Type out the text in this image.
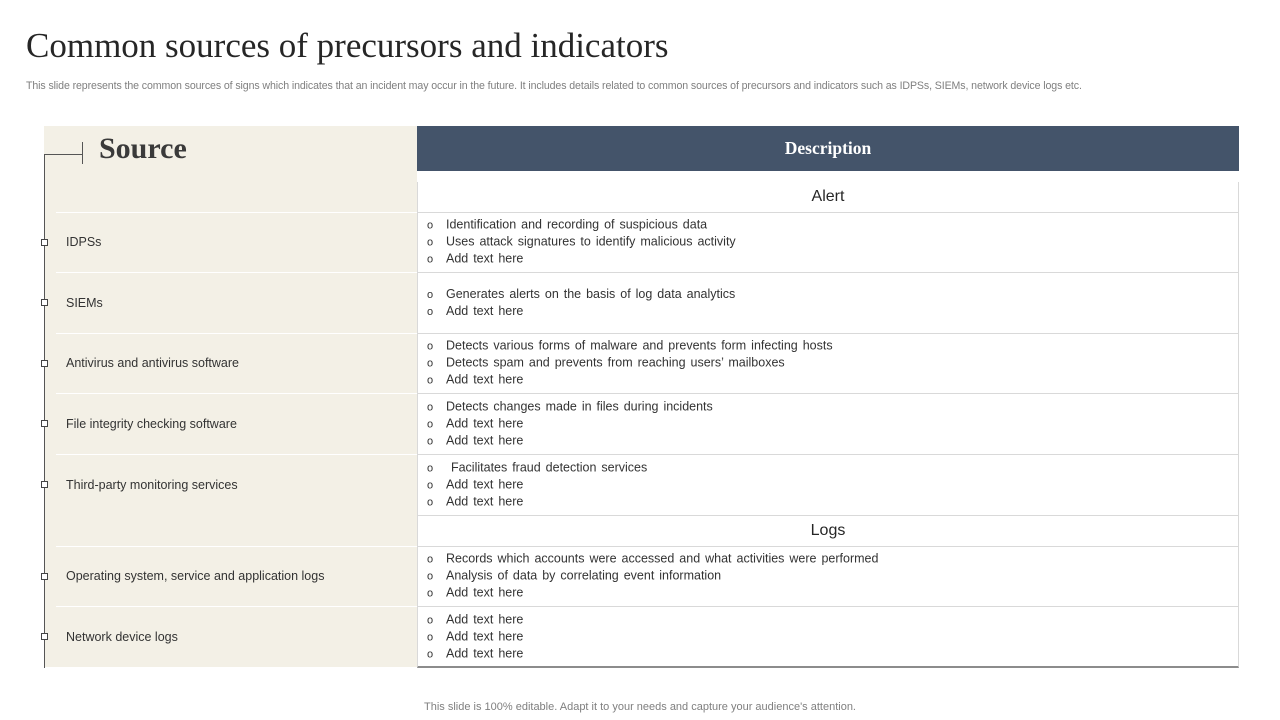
Common sources of precursors and indicators
This slide represents the common sources of signs which indicates that an incident may occur in the future. It includes details related to common sources of precursors and indicators such as IDPSs, SIEMs, network device logs etc.
Source	Description
Alert
IDPSs
o Identification and recording of suspicious data
o Uses attack signatures to identify malicious activity
o Add text here
SIEMs
o Generates alerts on the basis of log data analytics
o Add text here
Antivirus and antivirus software
o Detects various forms of malware and prevents form infecting hosts
o Detects spam and prevents from reaching users’ mailboxes
o Add text here
File integrity checking software
o Detects changes made in files during incidents
o Add text here
o Add text here
Third-party monitoring services
o Facilitates fraud detection services
o Add text here
o Add text here
Logs
Operating system, service and application logs
o Records which accounts were accessed and what activities were performed
o Analysis of data by correlating event information
o Add text here
Network device logs
o Add text here
o Add text here
o Add text here
This slide is 100% editable. Adapt it to your needs and capture your audience's attention.
